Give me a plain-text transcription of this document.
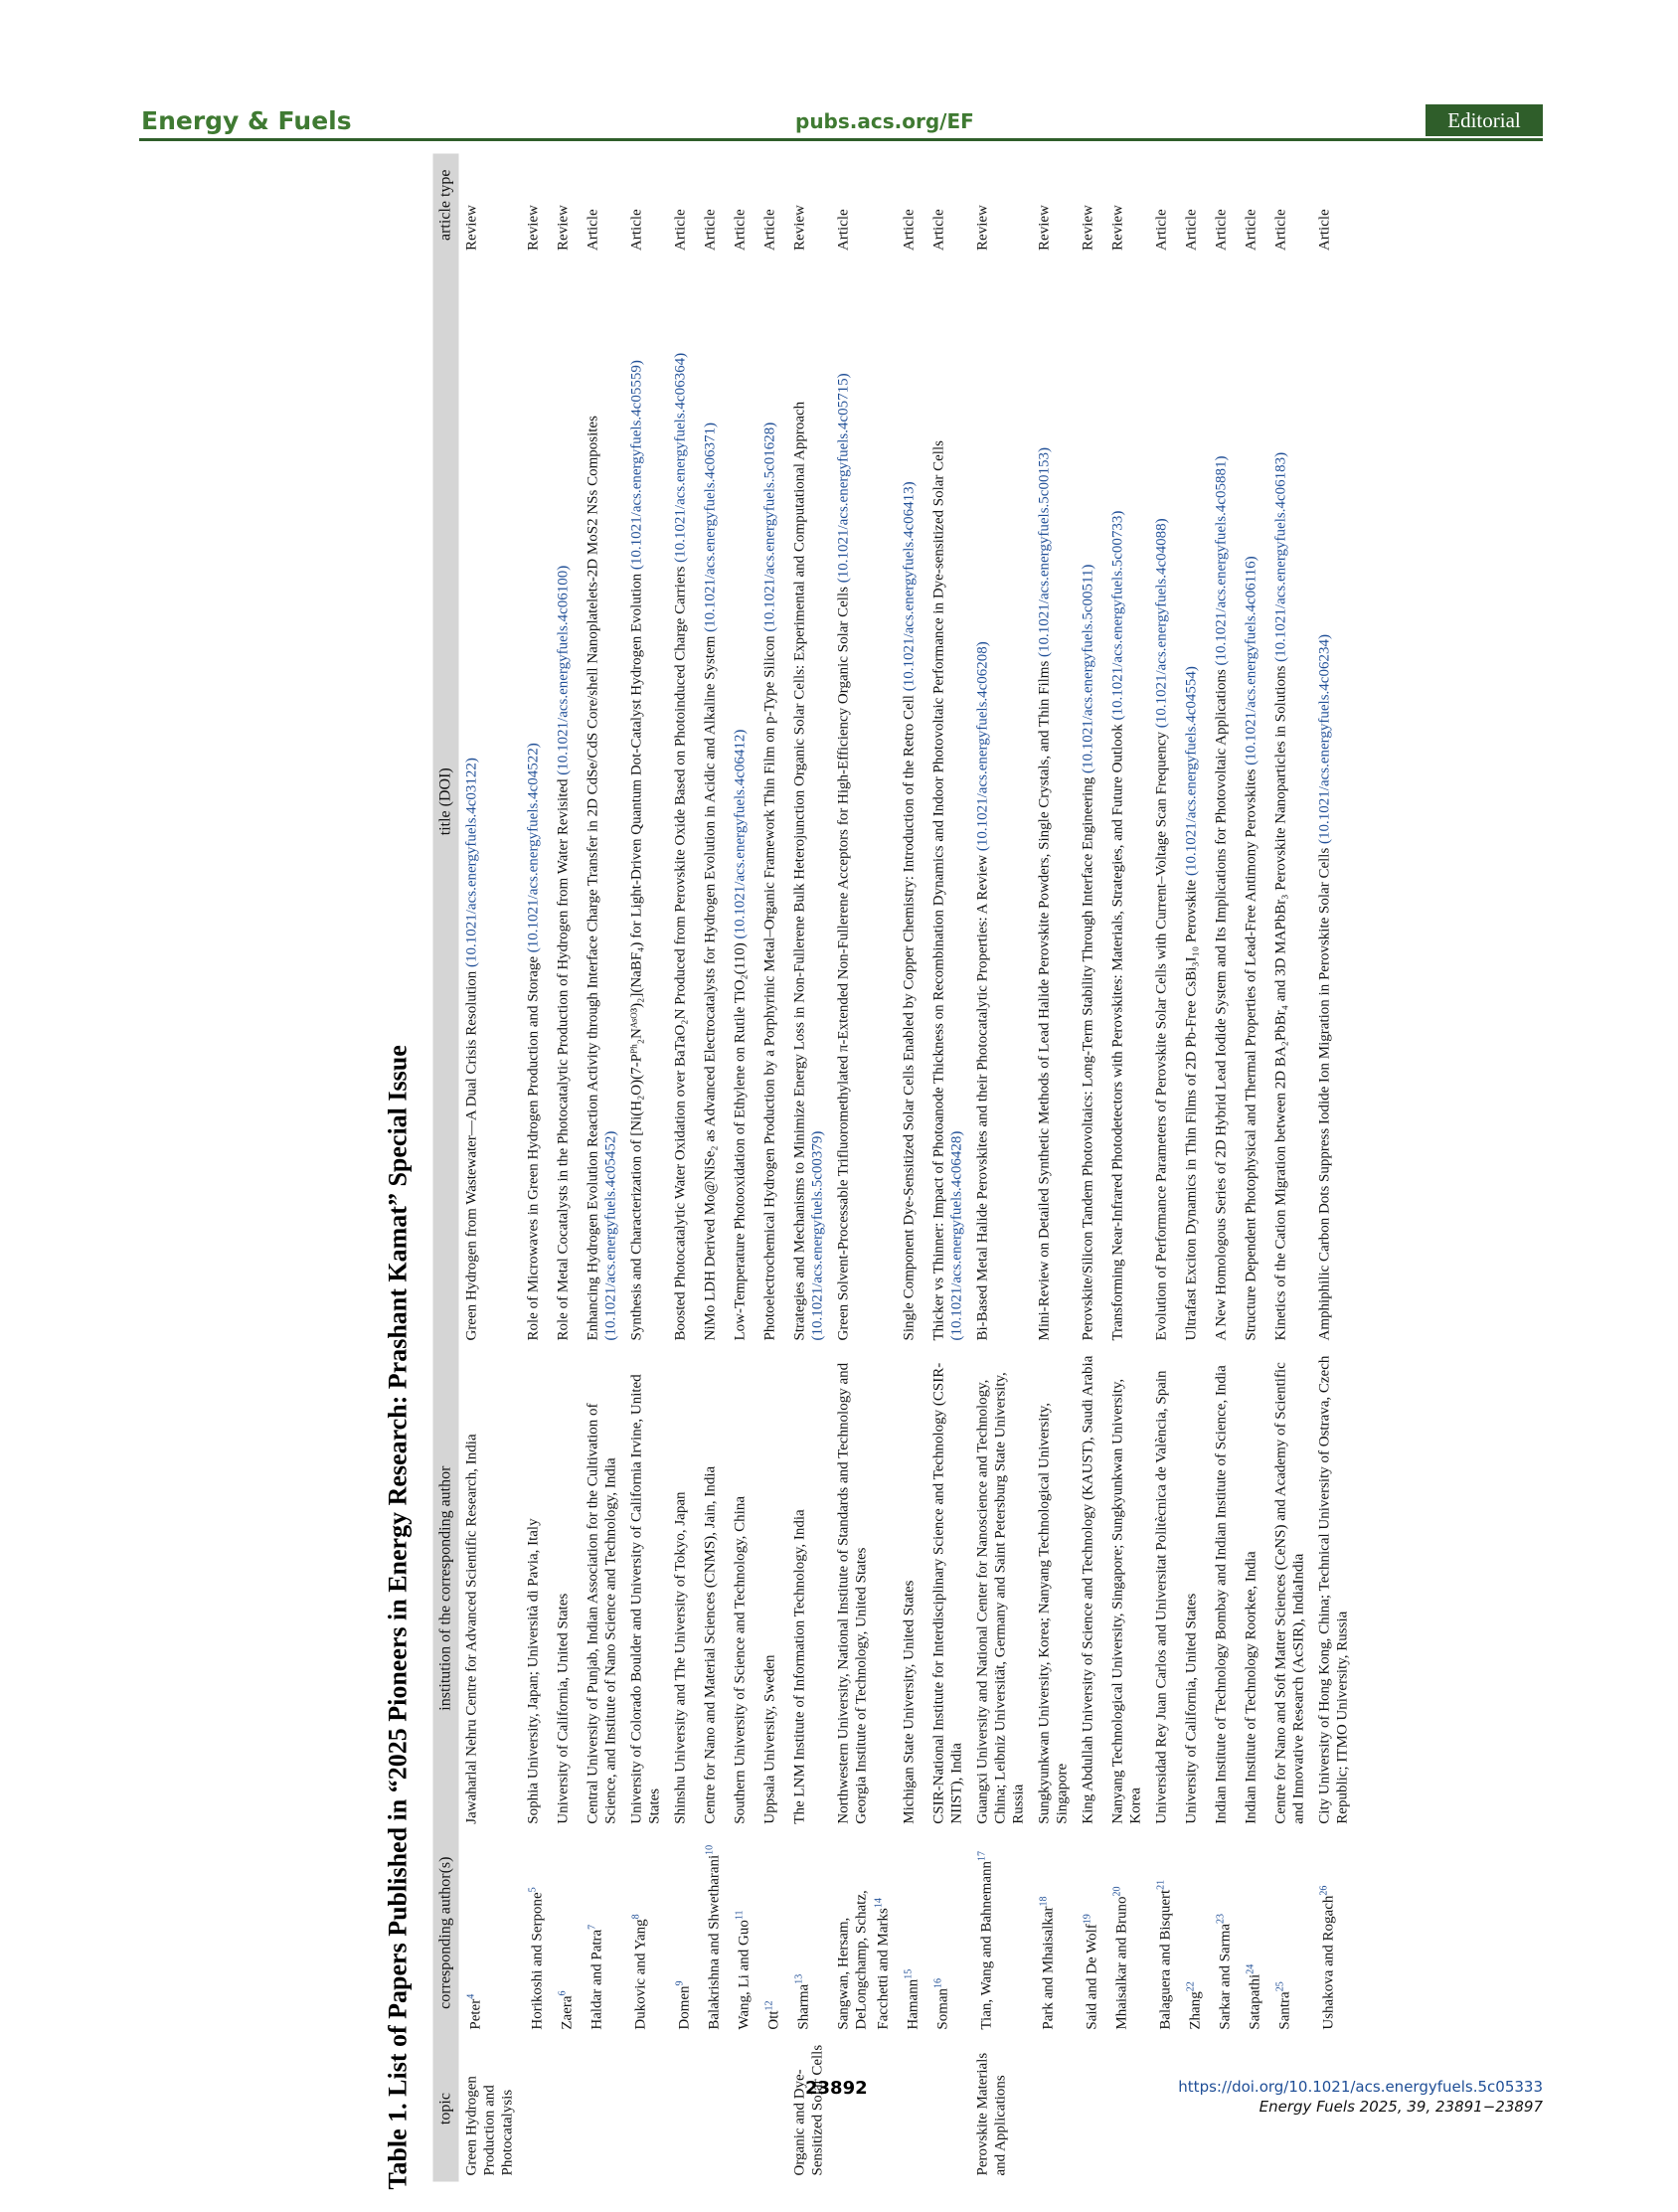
Energy & Fuels	pubs.acs.org/EF	Editorial
Table 1. List of Papers Published in “2025 Pioneers in Energy Research: Prashant Kamat” Special Issue topic	corresponding author(s)	institution of the corresponding author	title (DOI)	article type
Green Hydrogen Production and Photocatalysis	Peter$^4$	Jawaharlal Nehru Centre for Advanced Scientific Research, India	Green Hydrogen from Wastewater—A Dual Crisis Resolution (10.1021/acs.energyfuels.4c03122)	Review
	Horikoshi and Serpone$^5$	Sophia University, Japan; Università di Pavia, Italy	Role of Microwaves in Green Hydrogen Production and Storage (10.1021/acs.energyfuels.4c04522)	Review
	Zaera$^6$	University of California, United States	Role of Metal Cocatalysts in the Photocatalytic Production of Hydrogen from Water Revisited (10.1021/acs.energyfuels.4c06100)	Review
	Haldar and Patra$^7$	Central University of Punjab, Indian Association for the Cultivation of Science, and Institute of Nano Science and Technology, India	Enhancing Hydrogen Evolution Reaction Activity through Interface Charge Transfer in 2D CdSe/CdS Core/shell Nanoplatelets-2D MoS2 NSs Composites (10.1021/acs.energyfuels.4c05452)	Article
	Dukovic and Yang$^8$	University of Colorado Boulder and University of California Irvine, United States	Synthesis and Characterization of [Ni(H₂O)(7-Pᴾʰ₂Nᴬˢᴼ³)₂](NaBF₄) for Light-Driven Quantum Dot-Catalyst Hydrogen Evolution (10.1021/acs.energyfuels.4c05559)	Article
	Domen$^9$	Shinshu University and The University of Tokyo, Japan	Boosted Photocatalytic Water Oxidation over BaTaO₂N Produced from Perovskite Oxide Based on Photoinduced Charge Carriers (10.1021/acs.energyfuels.4c06364)	Article
	Balakrishna and Shwetharani$^{10}$	Centre for Nano and Material Sciences (CNMS), Jain, India	NiMo LDH Derived Mo@NiSe₂ as Advanced Electrocatalysts for Hydrogen Evolution in Acidic and Alkaline System (10.1021/acs.energyfuels.4c06371)	Article
	Wang, Li and Guo$^{11}$	Southern University of Science and Technology, China	Low-Temperature Photooxidation of Ethylene on Rutile TiO₂(110) (10.1021/acs.energyfuels.4c06412)	Article
	Ott$^{12}$	Uppsala University, Sweden	Photoelectrochemical Hydrogen Production by a Porphyrinic Metal–Organic Framework Thin Film on p-Type Silicon (10.1021/acs.energyfuels.5c01628)	Article
Organic and Dye-Sensitized Solar Cells	Sharma$^{13}$	The LNM Institute of Information Technology, India	Strategies and Mechanisms to Minimize Energy Loss in Non-Fullerene Bulk Heterojunction Organic Solar Cells: Experimental and Computational Approach (10.1021/acs.energyfuels.5c00379)	Review
	Sangwan, Hersam, DeLongchamp, Schatz, Facchetti and Marks$^{14}$	Northwestern University, National Institute of Standards and Technology and Georgia Institute of Technology, United States	Green Solvent-Processable Trifluoromethylated π-Extended Non-Fullerene Acceptors for High-Efficiency Organic Solar Cells (10.1021/acs.energyfuels.4c05715)	Article
	Hamann$^{15}$	Michigan State University, United States	Single Component Dye-Sensitized Solar Cells Enabled by Copper Chemistry: Introduction of the Retro Cell (10.1021/acs.energyfuels.4c06413)	Article
	Soman$^{16}$	CSIR-National Institute for Interdisciplinary Science and Technology (CSIR-NIIST), India	Thicker vs Thinner: Impact of Photoanode Thickness on Recombination Dynamics and Indoor Photovoltaic Performance in Dye-sensitized Solar Cells (10.1021/acs.energyfuels.4c06428)	Article
Perovskite Materials and Applications	Tian, Wang and Bahnemann$^{17}$	Guangxi University and National Center for Nanoscience and Technology, China; Leibniz Universität, Germany and Saint Petersburg State University, Russia	Bi-Based Metal Halide Perovskites and their Photocatalytic Properties: A Review (10.1021/acs.energyfuels.4c06208)	Review
	Park and Mhaisalkar$^{18}$	Sungkyunkwan University, Korea; Nanyang Technological University, Singapore	Mini-Review on Detailed Synthetic Methods of Lead Halide Perovskite Powders, Single Crystals, and Thin Films (10.1021/acs.energyfuels.5c00153)	Review
	Said and De Wolf$^{19}$	King Abdullah University of Science and Technology (KAUST), Saudi Arabia	Perovskite/Silicon Tandem Photovoltaics: Long-Term Stability Through Interface Engineering (10.1021/acs.energyfuels.5c00511)	Review
	Mhaisalkar and Bruno$^{20}$	Nanyang Technological University, Singapore; Sungkyunkwan University, Korea	Transforming Near-Infrared Photodetectors with Perovskites: Materials, Strategies, and Future Outlook (10.1021/acs.energyfuels.5c00733)	Review
	Balaguera and Bisquert$^{21}$	Universidad Rey Juan Carlos and Universitat Politècnica de València, Spain	Evolution of Performance Parameters of Perovskite Solar Cells with Current–Voltage Scan Frequency (10.1021/acs.energyfuels.4c04088)	Article
	Zhang$^{22}$	University of California, United States	Ultrafast Exciton Dynamics in Thin Films of 2D Pb-Free CsBi₃I₁₀ Perovskite (10.1021/acs.energyfuels.4c04554)	Article
	Sarkar and Sarma$^{23}$	Indian Institute of Technology Bombay and Indian Institute of Science, India	A New Homologous Series of 2D Hybrid Lead Iodide System and Its Implications for Photovoltaic Applications (10.1021/acs.energyfuels.4c05881)	Article
	Satapathi$^{24}$	Indian Institute of Technology Roorkee, India	Structure Dependent Photophysical and Thermal Properties of Lead-Free Antimony Perovskites (10.1021/acs.energyfuels.4c06116)	Article
	Santra$^{25}$	Centre for Nano and Soft Matter Sciences (CeNS) and Academy of Scientific and Innovative Research (AcSIR), IndiaIndia	Kinetics of the Cation Migration between 2D BA₂PbBr₄ and 3D MAPbBr₃ Perovskite Nanoparticles in Solutions (10.1021/acs.energyfuels.4c06183)	Article
	Ushakova and Rogach$^{26}$	City University of Hong Kong, China; Technical University of Ostrava, Czech Republic; ITMO University, Russia	Amphiphilic Carbon Dots Suppress Iodide Ion Migration in Perovskite Solar Cells (10.1021/acs.energyfuels.4c06234)	Article
23892	https://doi.org/10.1021/acs.energyfuels.5c05333
Energy Fuels 2025, 39, 23891−23897
